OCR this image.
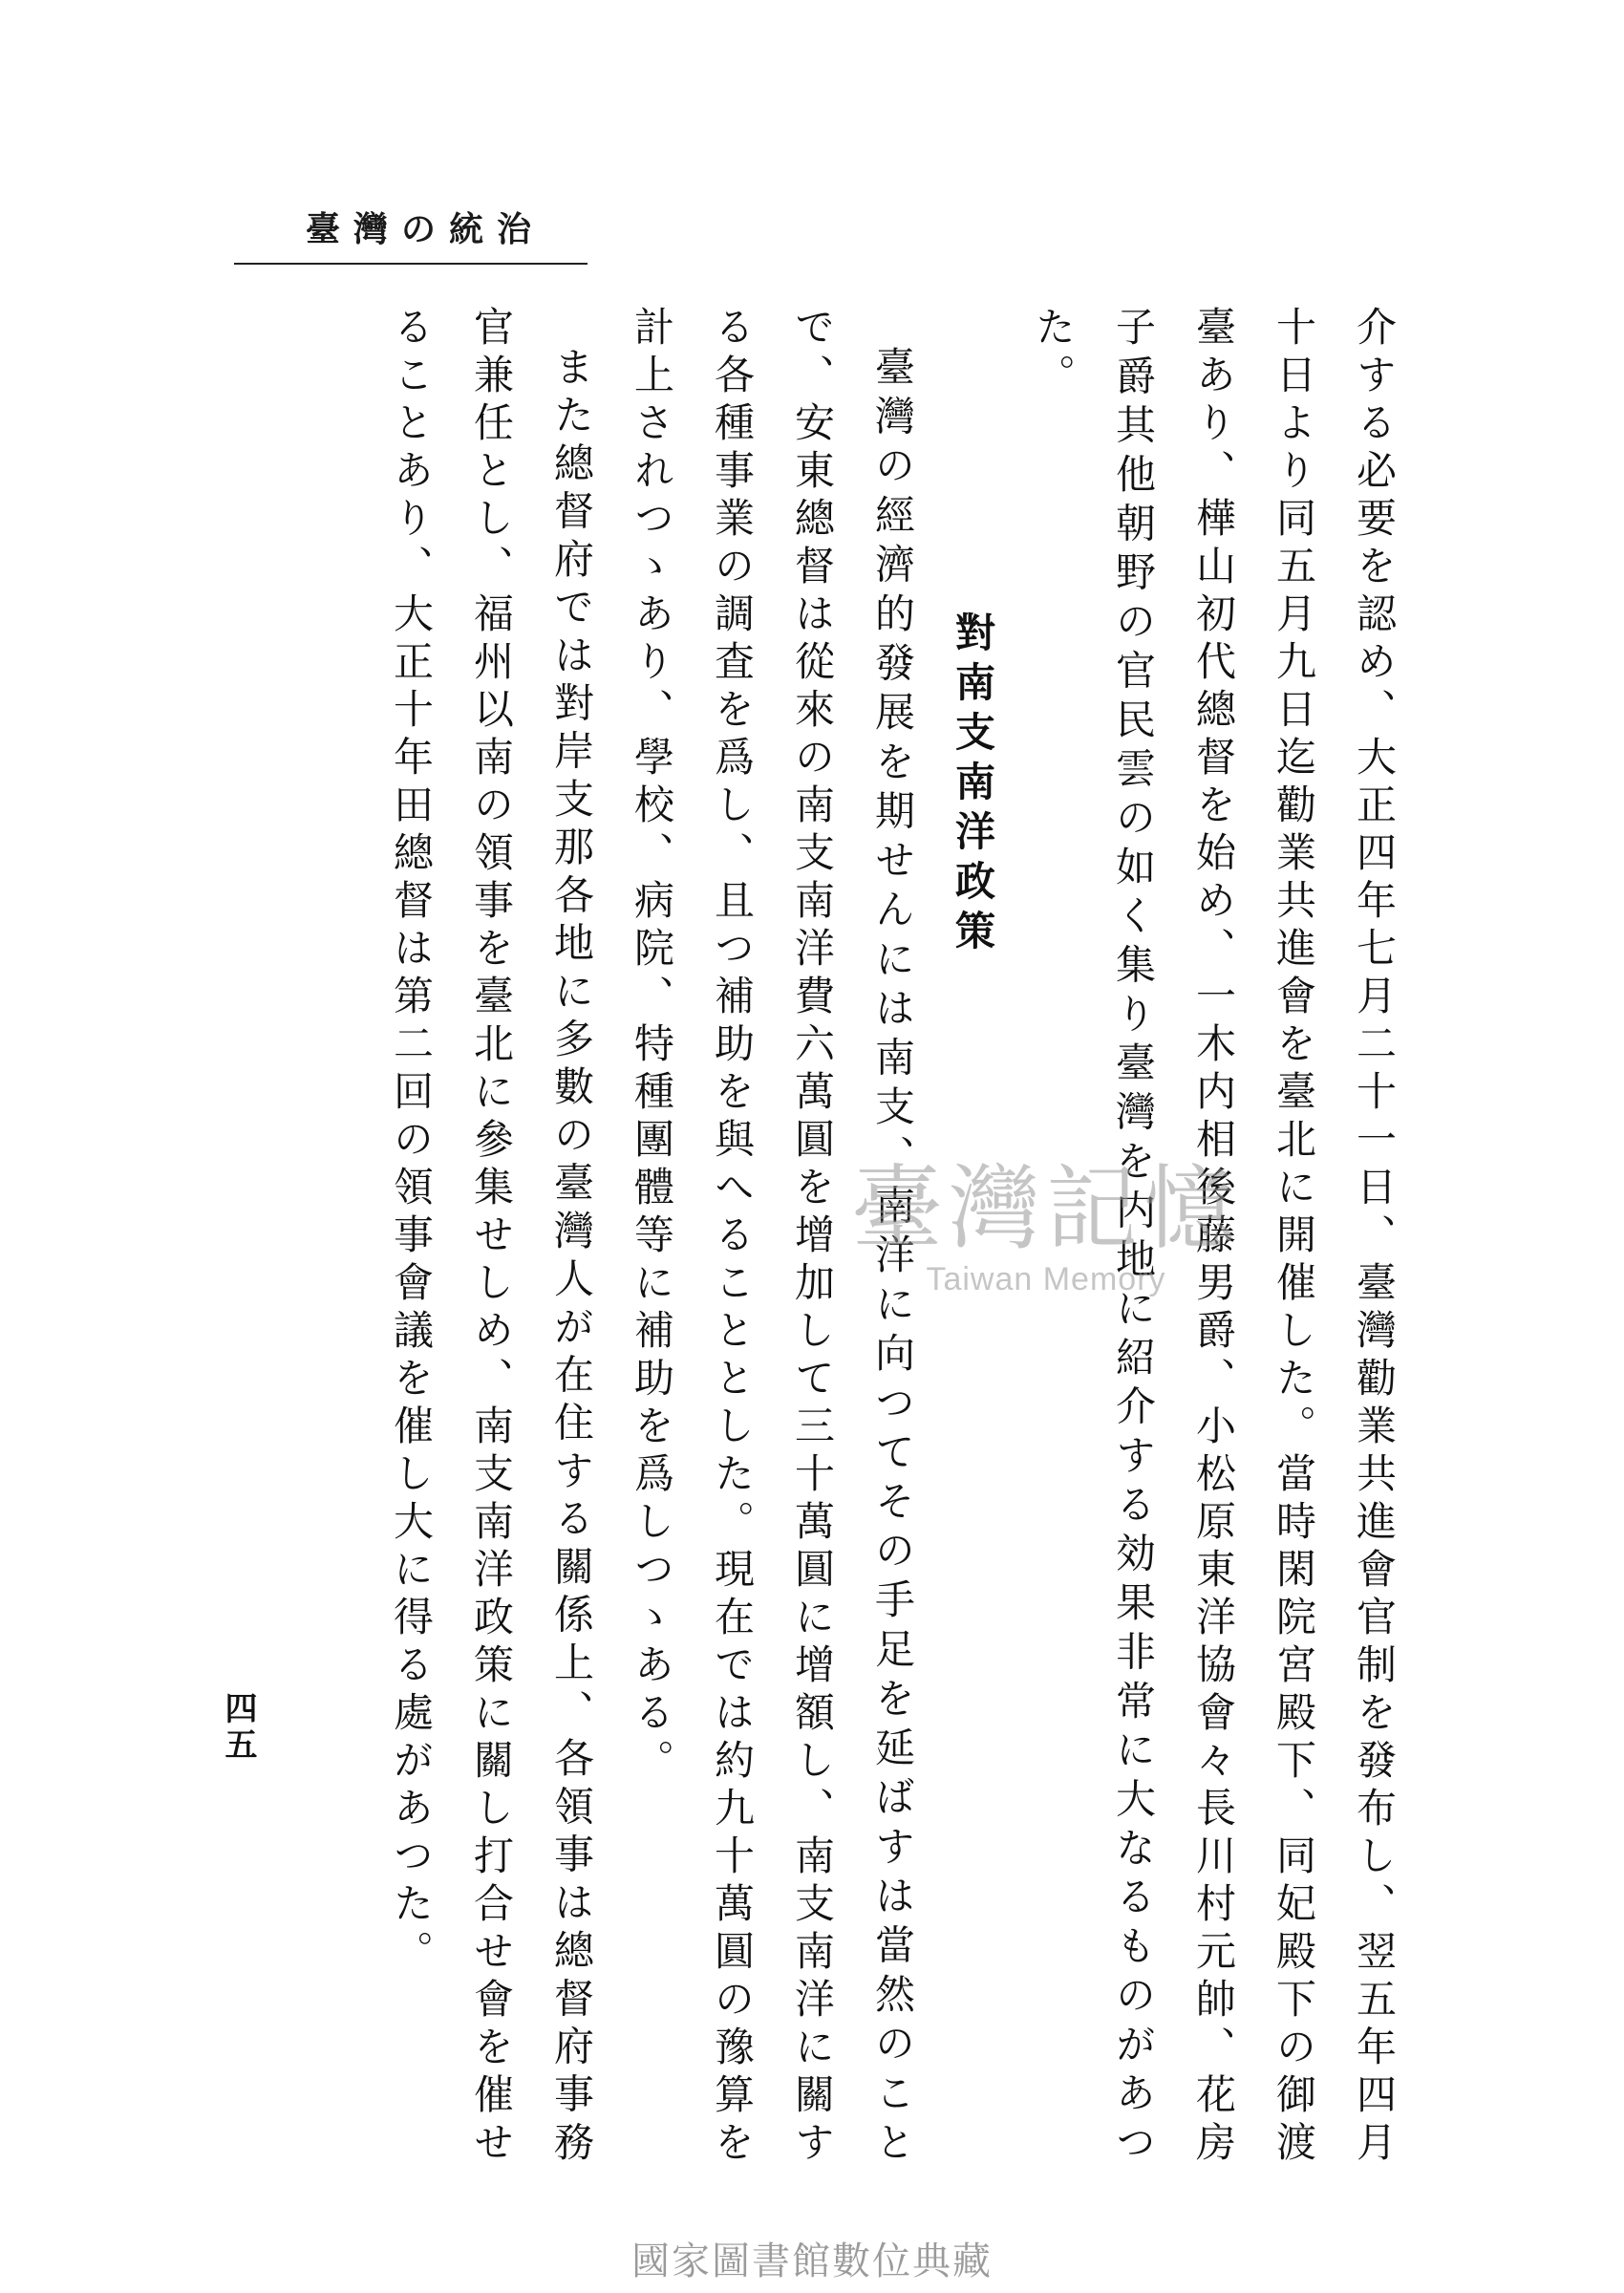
臺灣の統治

介する必要を認め、大正四年七月二十一日、臺灣勸業共進會官制を發布し、翌五年四月十日より同五月九日迄勸業共進會を臺北に開催した。當時閑院宮殿下、同妃殿下の御渡臺あり、樺山初代總督を始め、一木内相後藤男爵、小松原東洋協會々長川村元帥、花房子爵其他朝野の官民雲の如く集り臺灣を内地に紹介する効果非常に大なるものがあつた。

對南支南洋政策

臺灣の經濟的發展を期せんには南支、南洋に向つてその手足を延ばすは當然のことで、安東總督は從來の南支南洋費六萬圓を增加して三十萬圓に增額し、南支南洋に關する各種事業の調査を爲し、且つ補助を與へることとした。現在では約九十萬圓の豫算を計上されつゝあり、學校、病院、特種團體等に補助を爲しつゝある。

また總督府では對岸支那各地に多數の臺灣人が在住する關係上、各領事は總督府事務官兼任とし、福州以南の領事を臺北に參集せしめ、南支南洋政策に關し打合せ會を催せることあり、大正十年田總督は第二回の領事會議を催し大に得る處があつた。

四五
臺灣記憶
Taiwan Memory
國家圖書館數位典藏
